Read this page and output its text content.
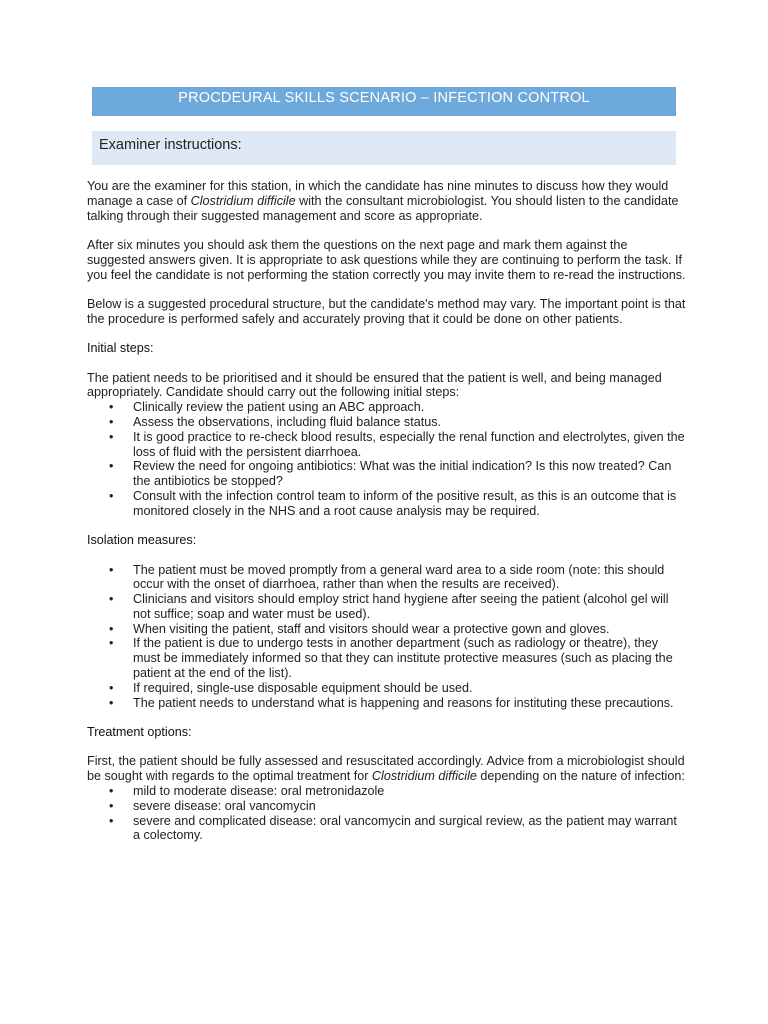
PROCDEURAL SKILLS SCENARIO – INFECTION CONTROL
Examiner instructions:

You are the examiner for this station, in which the candidate has nine minutes to discuss how they would manage a case of Clostridium difficile with the consultant microbiologist. You should listen to the candidate talking through their suggested management and score as appropriate.

After six minutes you should ask them the questions on the next page and mark them against the suggested answers given. It is appropriate to ask questions while they are continuing to perform the task. If you feel the candidate is not performing the station correctly you may invite them to re-read the instructions.

Below is a suggested procedural structure, but the candidate's method may vary. The important point is that the procedure is performed safely and accurately proving that it could be done on other patients.

Initial steps:

The patient needs to be prioritised and it should be ensured that the patient is well, and being managed appropriately. Candidate should carry out the following initial steps:

• Clinically review the patient using an ABC approach.
• Assess the observations, including fluid balance status.
• It is good practice to re-check blood results, especially the renal function and electrolytes, given the loss of fluid with the persistent diarrhoea.
• Review the need for ongoing antibiotics: What was the initial indication? Is this now treated? Can the antibiotics be stopped?
• Consult with the infection control team to inform of the positive result, as this is an outcome that is monitored closely in the NHS and a root cause analysis may be required.
Isolation measures:
• The patient must be moved promptly from a general ward area to a side room (note: this should occur with the onset of diarrhoea, rather than when the results are received).
• Clinicians and visitors should employ strict hand hygiene after seeing the patient (alcohol gel will not suffice; soap and water must be used).
• When visiting the patient, staff and visitors should wear a protective gown and gloves.
• If the patient is due to undergo tests in another department (such as radiology or theatre), they must be immediately informed so that they can institute protective measures (such as placing the patient at the end of the list).
• If required, single-use disposable equipment should be used.
• The patient needs to understand what is happening and reasons for instituting these precautions.
Treatment options:

First, the patient should be fully assessed and resuscitated accordingly. Advice from a microbiologist should be sought with regards to the optimal treatment for Clostridium difficile depending on the nature of infection:

• mild to moderate disease: oral metronidazole
• severe disease: oral vancomycin
• severe and complicated disease: oral vancomycin and surgical review, as the patient may warrant a colectomy.
